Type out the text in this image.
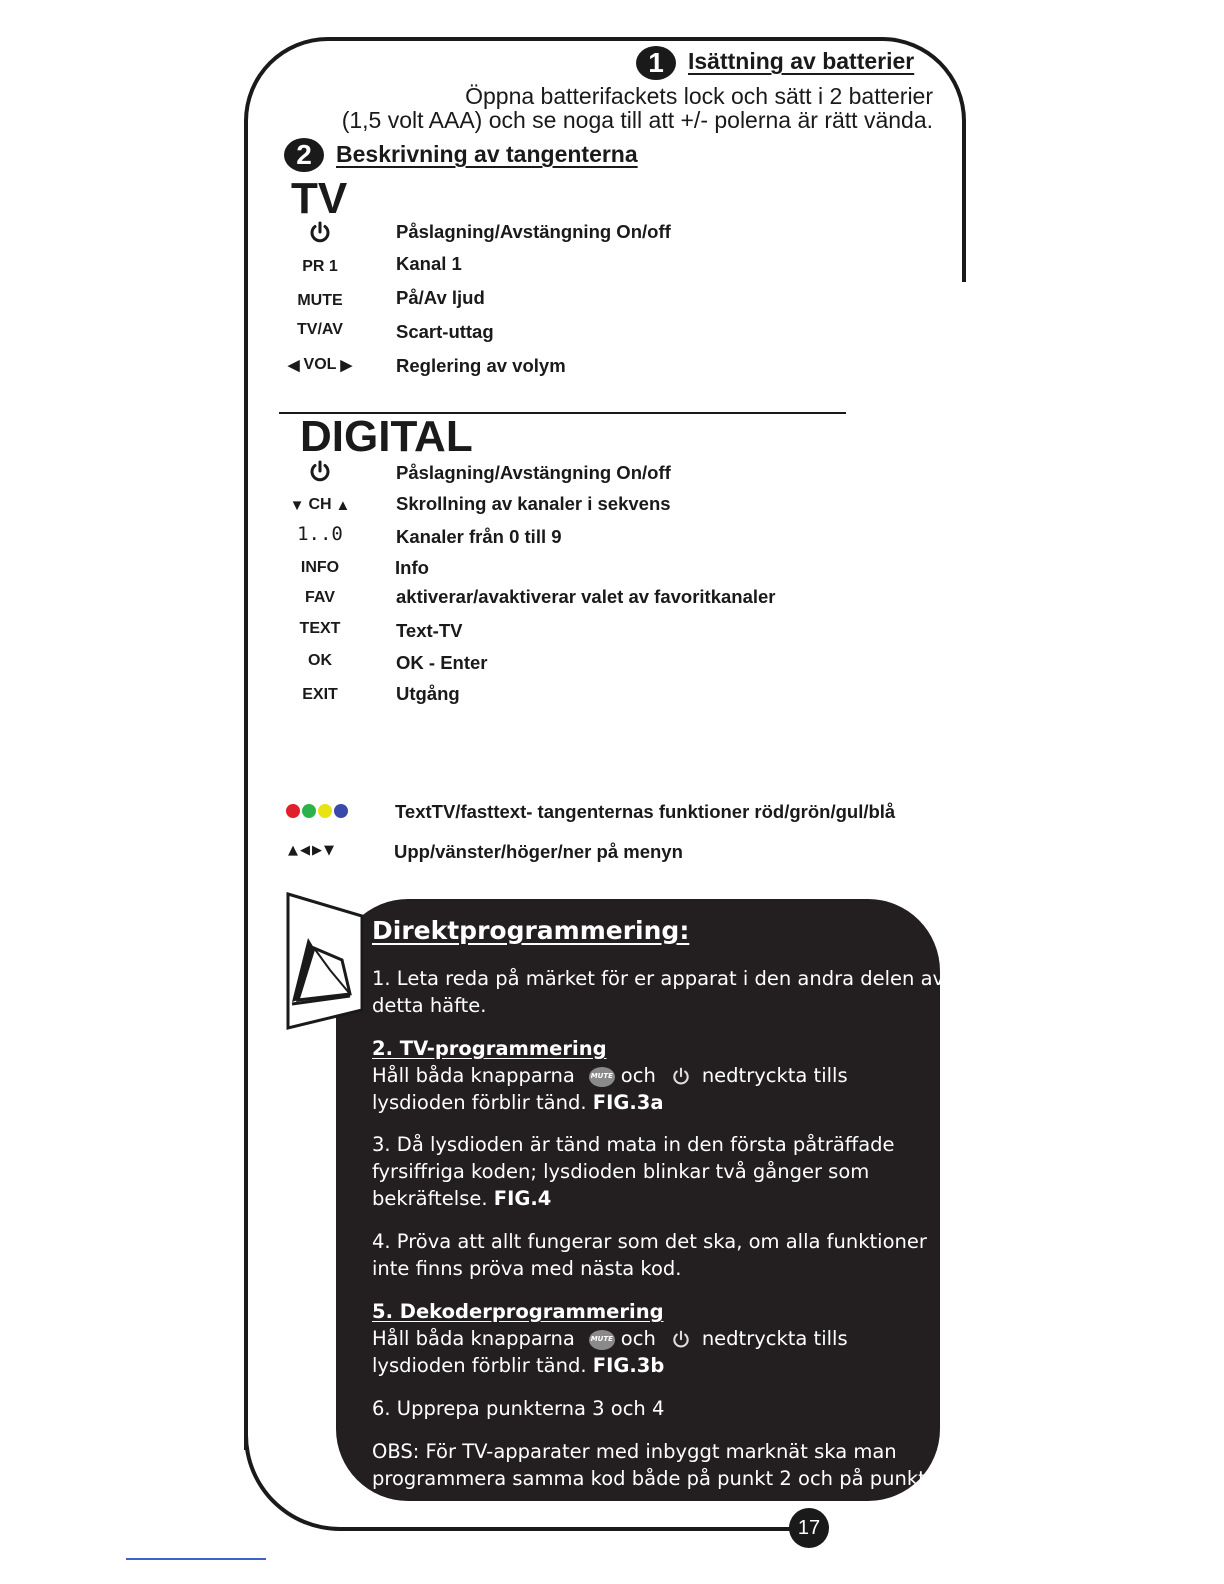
17
1	Isättning av batterier
Öppna batterifackets lock och sätt i 2 batterier
(1,5 volt AAA) och se noga till att +/- polerna är rätt vända.
2	Beskrivning av tangenterna
TV
Påslagning/Avstängning On/off
PR 1	Kanal 1
MUTE	På/Av ljud
TV/AV	Scart-uttag
◀ VOL ▶ Reglering av volym
DIGITAL
Påslagning/Avstängning On/off
▼ CH ▲ Skrollning av kanaler i sekvens
1..0	Kanaler från 0 till 9
INFO	Info
FAV	aktiverar/avaktiverar valet av favoritkanaler
TEXT	Text-TV
OK	OK - Enter
EXIT	Utgång
TextTV/fasttext- tangenternas funktioner röd/grön/gul/blå
▲◀▶▼	Upp/vänster/höger/ner på menyn
Direktprogrammering:
1. Leta reda på märket för er apparat i den andra delen av
detta häfte.
2. TV-programmering
Håll båda knapparna MUTE och nedtryckta tills
lysdioden förblir tänd. FIG.3a
3. Då lysdioden är tänd mata in den första påträffade
fyrsiffriga koden; lysdioden blinkar två gånger som
bekräftelse. FIG.4
4. Pröva att allt fungerar som det ska, om alla funktioner
inte finns pröva med nästa kod.
5. Dekoderprogrammering
Håll båda knapparna MUTE och nedtryckta tills
lysdioden förblir tänd. FIG.3b
6. Upprepa punkterna 3 och 4
OBS: För TV-apparater med inbyggt marknät ska man
programmera samma kod både på punkt 2 och på punkt 5.
